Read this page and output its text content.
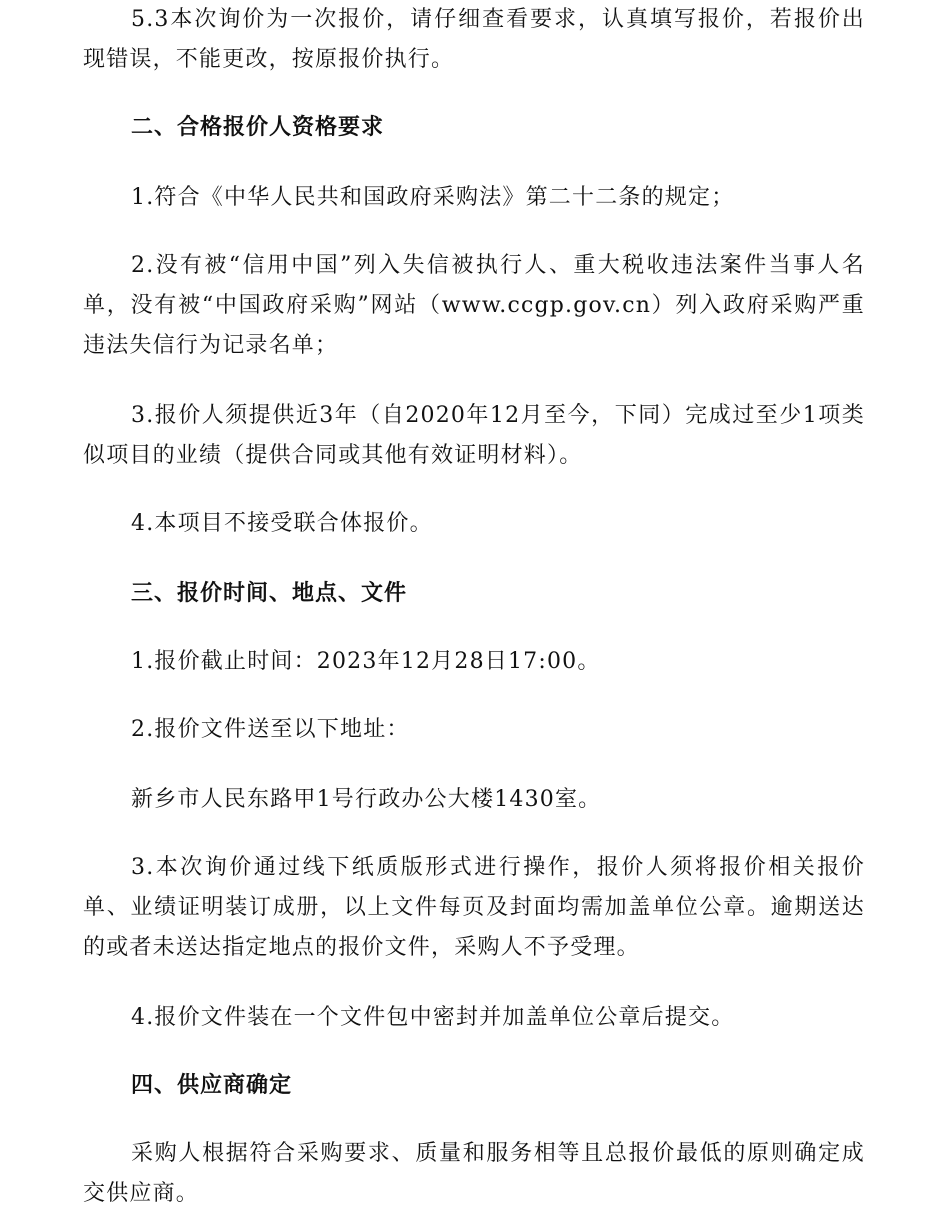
5.3本次询价为一次报价，请仔细查看要求，认真填写报价，若报价出现错误，不能更改，按原报价执行。

二、合格报价人资格要求

1.符合《中华人民共和国政府采购法》第二十二条的规定；

2.没有被“信用中国”列入失信被执行人、重大税收违法案件当事人名单，没有被“中国政府采购”网站（www.ccgp.gov.cn）列入政府采购严重违法失信行为记录名单；

3.报价人须提供近3年（自2020年12月至今，下同）完成过至少1项类似项目的业绩（提供合同或其他有效证明材料）。

4.本项目不接受联合体报价。

三、报价时间、地点、文件

1.报价截止时间：2023年12月28日17:00。

2.报价文件送至以下地址：

新乡市人民东路甲1号行政办公大楼1430室。

3.本次询价通过线下纸质版形式进行操作，报价人须将报价相关报价单、业绩证明装订成册，以上文件每页及封面均需加盖单位公章。逾期送达的或者未送达指定地点的报价文件，采购人不予受理。

4.报价文件装在一个文件包中密封并加盖单位公章后提交。

四、供应商确定

采购人根据符合采购要求、质量和服务相等且总报价最低的原则确定成交供应商。
